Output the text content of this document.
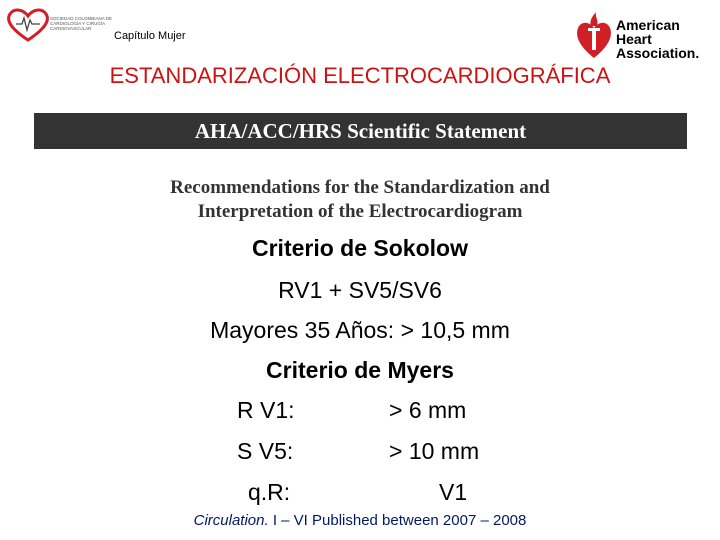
SOCIEDAD COLOMBIANA DE CARDIOLOGÍA Y CIRUGÍA CARDIOVASCULAR
Capítulo Mujer
American
Heart
Association.
ESTANDARIZACIÓN ELECTROCARDIOGRÁFICA
AHA/ACC/HRS Scientific Statement
Recommendations for the Standardization and
Interpretation of the Electrocardiogram
Criterio de Sokolow
RV1 + SV5/SV6
Mayores 35 Años: > 10,5 mm
Criterio de Myers
R V1:	> 6 mm
S V5:	> 10 mm
q.R:	V1
Circulation. I – VI Published between 2007 – 2008
